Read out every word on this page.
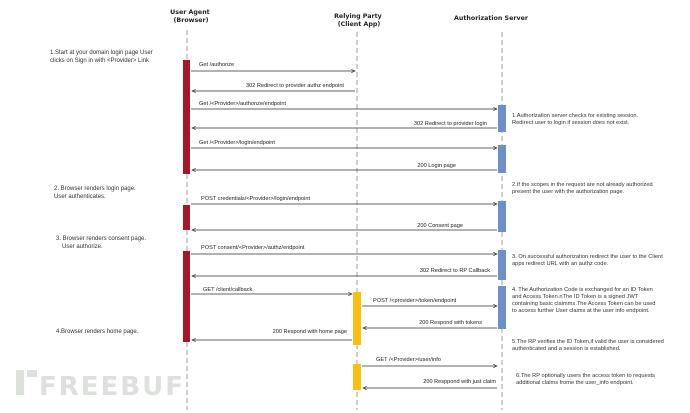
User Agent (Browser)
Relying Party (Client App)
Authorization Server
1.Start at your domain login page User clicks on Sign in with <Provider> Link
2. Browser renders login page. User authenticates.
3. Browser renders consent page. User authorize.
4.Browser renders home page.
1.Authorization server checks for existing session. Redirect user to login if session does not exist.
2.If the scopes in the request are not already authorized present the user with the authorization page.
3. On successful authorization redirect the user to the Client apps redirect URL with an authz code.
4. The Authorization Code is exchanged for an ID Token and Access Token.nThe ID Token is a signed JWT containing basic claimms.The Access Token can be used to access further User claims at the user info endpoint.
5.The RP verifies the ID Token,if valid the user is considered authenticated and a session is established.
6.The RP optionally users the access token to requests additional claims frome the user_info endpoint.
Get /authonze
302 Redirect to provider authz endpoint
Get /<Provider>/authonze/endpoint
302 Redirect to provider login
Get /<Provider>/login/endpoint
200 Login page
POST credentials/<Provider>/login/endpoint
200 Consent page
POST consent/<Provider>/authz/endpoint
302 Redirect to RP Callback
GET /client/callback
POST /<provider>/token/endpoint
200 Respond with tokens
200 Respond with home page
GET /<Provider>/user/info
200 Resppond with just claim
FREEBUF
